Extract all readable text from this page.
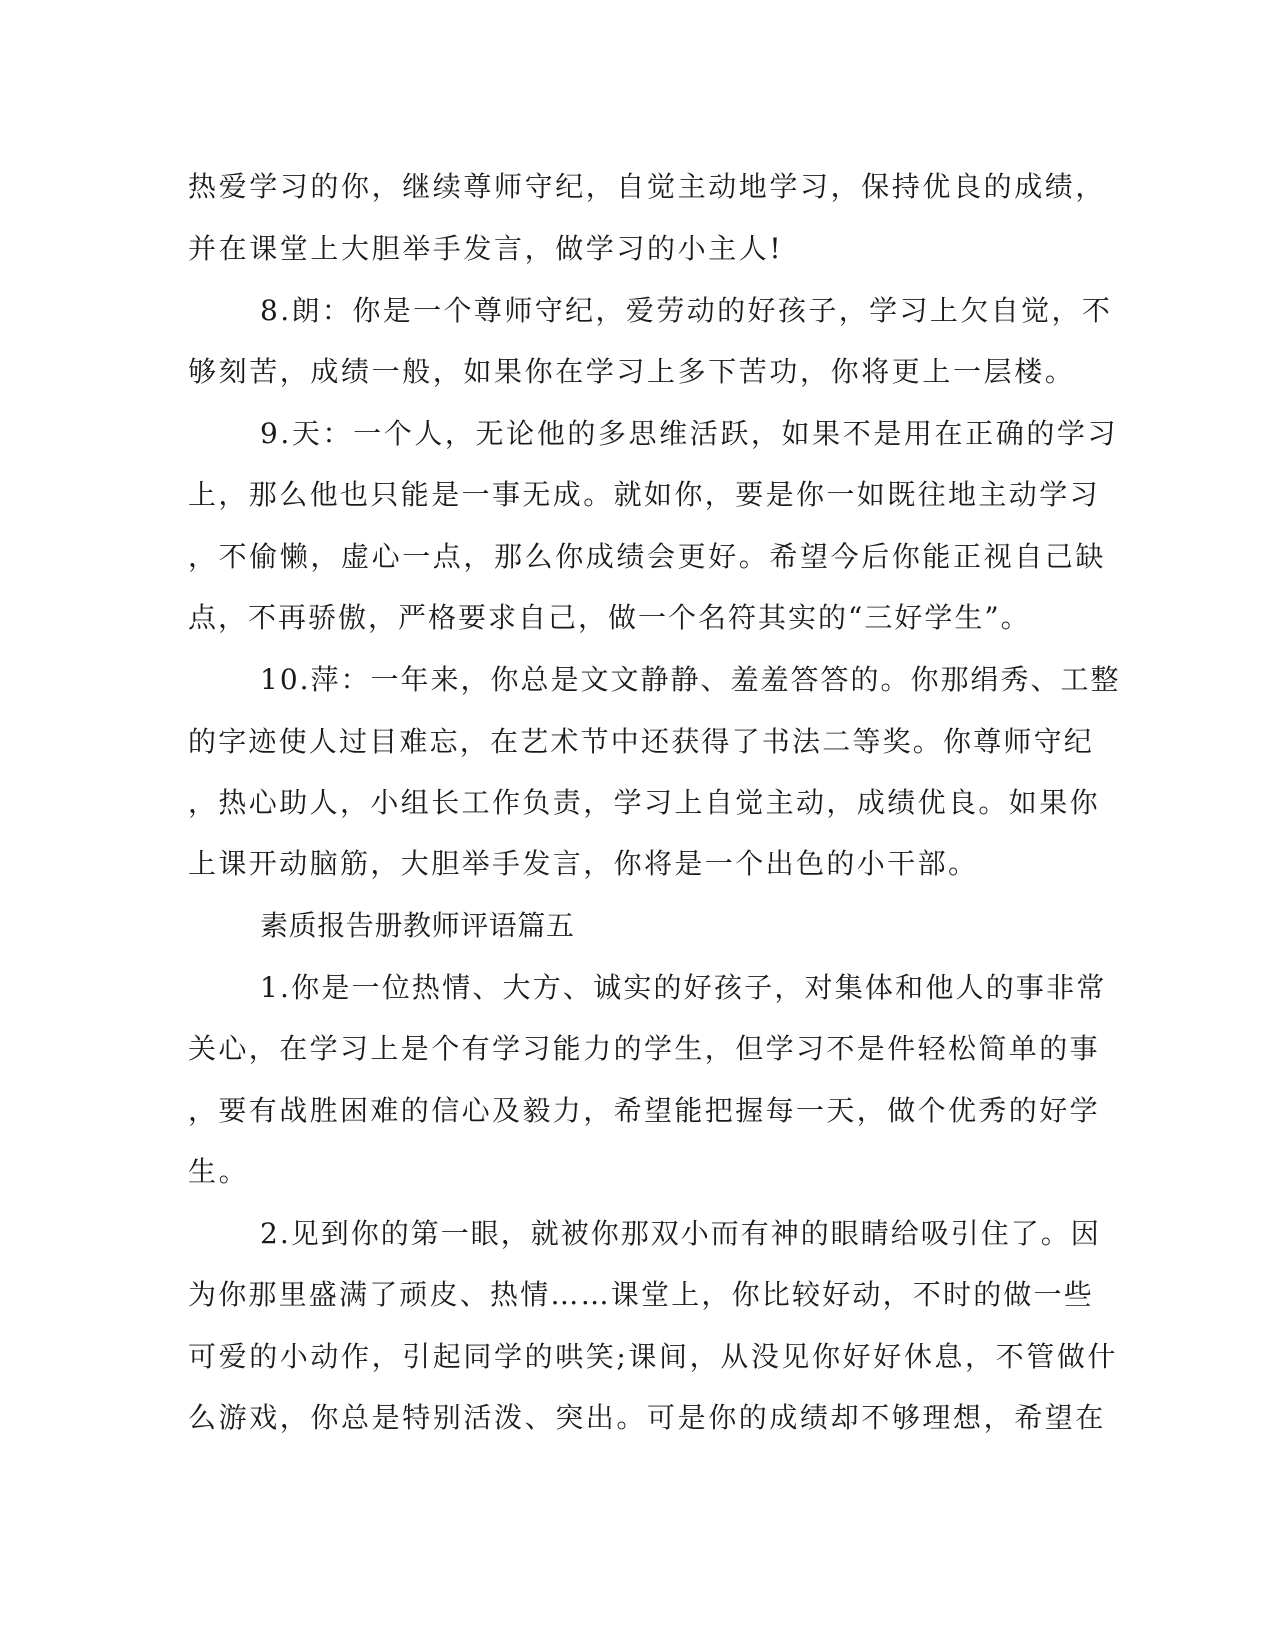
热爱学习的你，继续尊师守纪，自觉主动地学习，保持优良的成绩，
并在课堂上大胆举手发言，做学习的小主人!
8.朗：你是一个尊师守纪，爱劳动的好孩子，学习上欠自觉，不
够刻苦，成绩一般，如果你在学习上多下苦功，你将更上一层楼。
9.天：一个人，无论他的多思维活跃，如果不是用在正确的学习
上，那么他也只能是一事无成。就如你，要是你一如既往地主动学习
，不偷懒，虚心一点，那么你成绩会更好。希望今后你能正视自己缺
点，不再骄傲，严格要求自己，做一个名符其实的“三好学生”。
10.萍：一年来，你总是文文静静、羞羞答答的。你那绢秀、工整
的字迹使人过目难忘，在艺术节中还获得了书法二等奖。你尊师守纪
，热心助人，小组长工作负责，学习上自觉主动，成绩优良。如果你
上课开动脑筋，大胆举手发言，你将是一个出色的小干部。
素质报告册教师评语篇五
1.你是一位热情、大方、诚实的好孩子，对集体和他人的事非常
关心，在学习上是个有学习能力的学生，但学习不是件轻松简单的事
，要有战胜困难的信心及毅力，希望能把握每一天，做个优秀的好学
生。
2.见到你的第一眼，就被你那双小而有神的眼睛给吸引住了。因
为你那里盛满了顽皮、热情……课堂上，你比较好动，不时的做一些
可爱的小动作，引起同学的哄笑;课间，从没见你好好休息，不管做什
么游戏，你总是特别活泼、突出。可是你的成绩却不够理想，希望在
